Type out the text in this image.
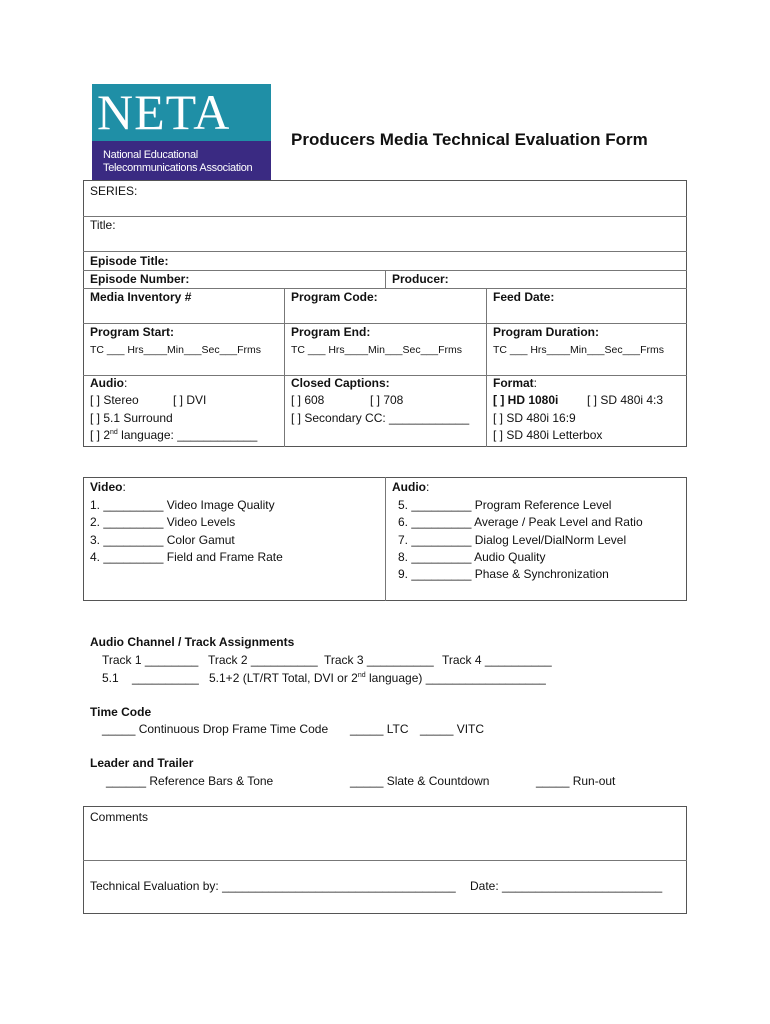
NETA
National Educational
Telecommunications Association
Producers Media Technical Evaluation Form
SERIES:
Title:
Episode Title:
Episode Number:	Producer:
Media Inventory #	Program Code:	Feed Date:
Program Start:	Program End:	Program Duration:
TC ___ Hrs____Min___Sec___Frms	TC ___ Hrs____Min___Sec___Frms	TC ___ Hrs____Min___Sec___Frms
Audio:
[ ] Stereo	[ ] DVI
[ ] 5.1 Surround
[ ] 2nd language: ____________
Closed Captions:
[ ] 608	[ ] 708
[ ] Secondary CC: ____________
Format:
[ ] HD 1080i [ ] SD 480i 4:3
[ ] SD 480i 16:9
[ ] SD 480i Letterbox
Video:
1. _________ Video Image Quality
2. _________ Video Levels
3. _________ Color Gamut
4. _________ Field and Frame Rate
Audio:
5. _________ Program Reference Level
6. _________ Average / Peak Level and Ratio
7. _________ Dialog Level/DialNorm Level
8. _________ Audio Quality
9. _________ Phase & Synchronization
Audio Channel / Track Assignments
Track 1 ________ Track 2 __________ Track 3 __________ Track 4 __________
5.1 __________ 5.1+2 (LT/RT Total, DVI or 2nd language) __________________
Time Code
_____ Continuous Drop Frame Time Code _____ LTC _____ VITC
Leader and Trailer
______ Reference Bars & Tone	_____ Slate & Countdown	_____ Run-out
Comments
Technical Evaluation by: ___________________________________ Date: ________________________
